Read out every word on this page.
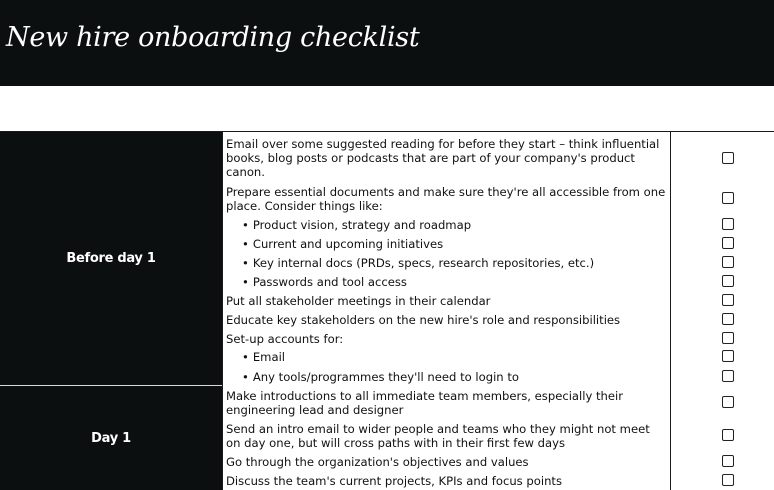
New hire onboarding checklist
Before day 1
Day 1
Email over some suggested reading for before they start – think influential books, blog posts or podcasts that are part of your company's product canon.
Prepare essential documents and make sure they're all accessible from one place. Consider things like:
• Product vision, strategy and roadmap
• Current and upcoming initiatives
• Key internal docs (PRDs, specs, research repositories, etc.)
• Passwords and tool access
Put all stakeholder meetings in their calendar
Educate key stakeholders on the new hire's role and responsibilities
Set-up accounts for:
• Email
• Any tools/programmes they'll need to login to
Make introductions to all immediate team members, especially their engineering lead and designer
Send an intro email to wider people and teams who they might not meet on day one, but will cross paths with in their first few days
Go through the organization's objectives and values
Discuss the team's current projects, KPIs and focus points
